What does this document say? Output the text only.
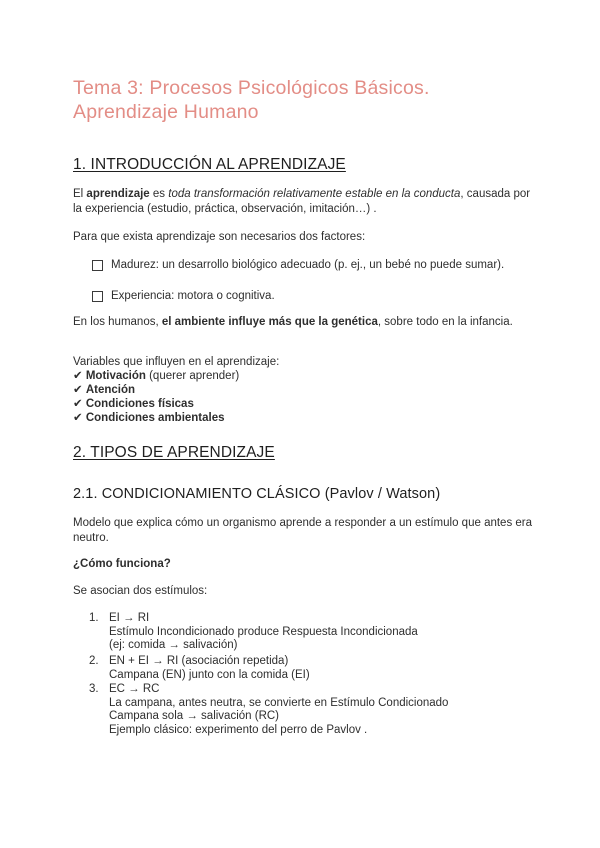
Tema 3: Procesos Psicológicos Básicos.
Aprendizaje Humano
1. INTRODUCCIÓN AL APRENDIZAJE
El aprendizaje es toda transformación relativamente estable en la conducta, causada por la experiencia (estudio, práctica, observación, imitación…) .
Para que exista aprendizaje son necesarios dos factores:
Madurez: un desarrollo biológico adecuado (p. ej., un bebé no puede sumar).
Experiencia: motora o cognitiva.
En los humanos, el ambiente influye más que la genética, sobre todo en la infancia.
Variables que influyen en el aprendizaje:
✔ Motivación (querer aprender)
✔ Atención
✔ Condiciones físicas
✔ Condiciones ambientales
2. TIPOS DE APRENDIZAJE
2.1. CONDICIONAMIENTO CLÁSICO (Pavlov / Watson)
Modelo que explica cómo un organismo aprende a responder a un estímulo que antes era neutro.
¿Cómo funciona?
Se asocian dos estímulos:
1. EI → RI
Estímulo Incondicionado produce Respuesta Incondicionada
(ej: comida → salivación)
2. EN + EI → RI (asociación repetida)
Campana (EN) junto con la comida (EI)
3. EC → RC
La campana, antes neutra, se convierte en Estímulo Condicionado
Campana sola → salivación (RC)
Ejemplo clásico: experimento del perro de Pavlov .
